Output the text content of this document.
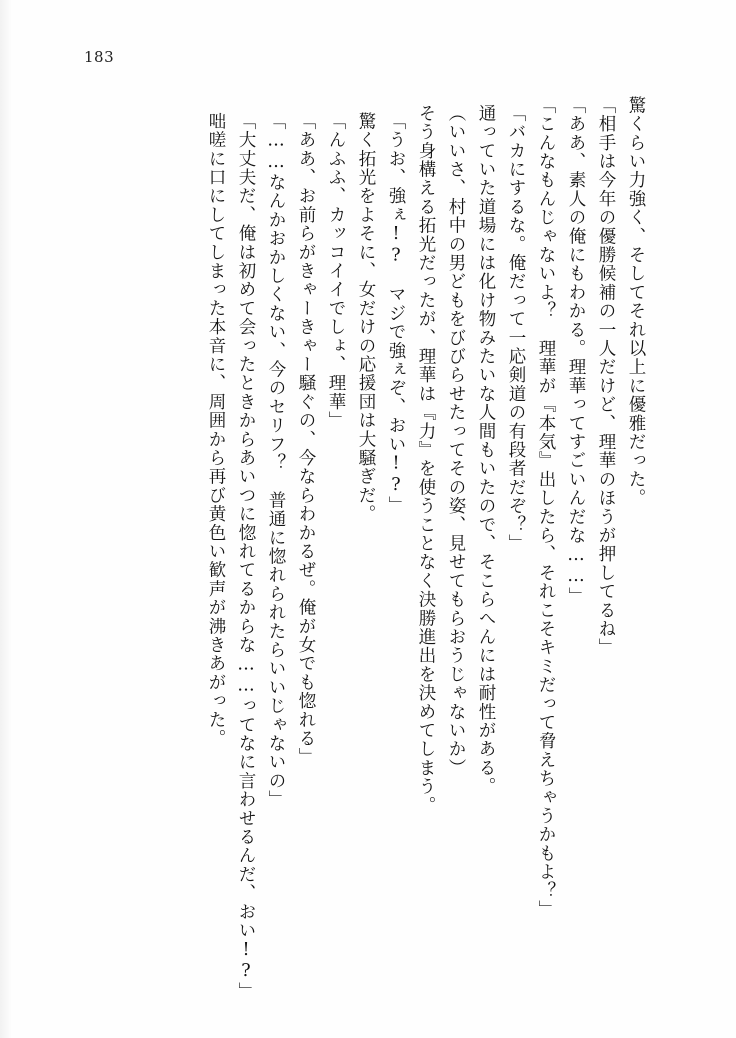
183
驚くらい力強く、そしてそれ以上に優雅だった。
「相手は今年の優勝候補の一人だけど、理華のほうが押してるね」
「ああ、素人の俺にもわかる。理華ってすごいんだな……」
「こんなもんじゃないよ？　理華が『本気』出したら、それこそキミだって脅えちゃうかもよ？」
「バカにするな。俺だって一応剣道の有段者だぞ？」
通っていた道場には化け物みたいな人間もいたので、そこらへんには耐性がある。
（いいさ、村中の男どもをびびらせたってその姿、見せてもらおうじゃないか）
そう身構える拓光だったが、理華は『力』を使うことなく決勝進出を決めてしまう。
「うお、強ぇ!?　マジで強ぇぞ、おい!?」
驚く拓光をよそに、女だけの応援団は大騒ぎだ。
「んふふ、カッコイイでしょ、理華」
「ああ、お前らがきゃーきゃー騒ぐの、今ならわかるぜ。俺が女でも惚れる」
「……なんかおかしくない、今のセリフ？　普通に惚れられたらいいじゃないの」
「大丈夫だ、俺は初めて会ったときからあいつに惚れてるからな……ってなに言わせるんだ、おい!?」
咄嗟に口にしてしまった本音に、周囲から再び黄色い歓声が沸きあがった。
